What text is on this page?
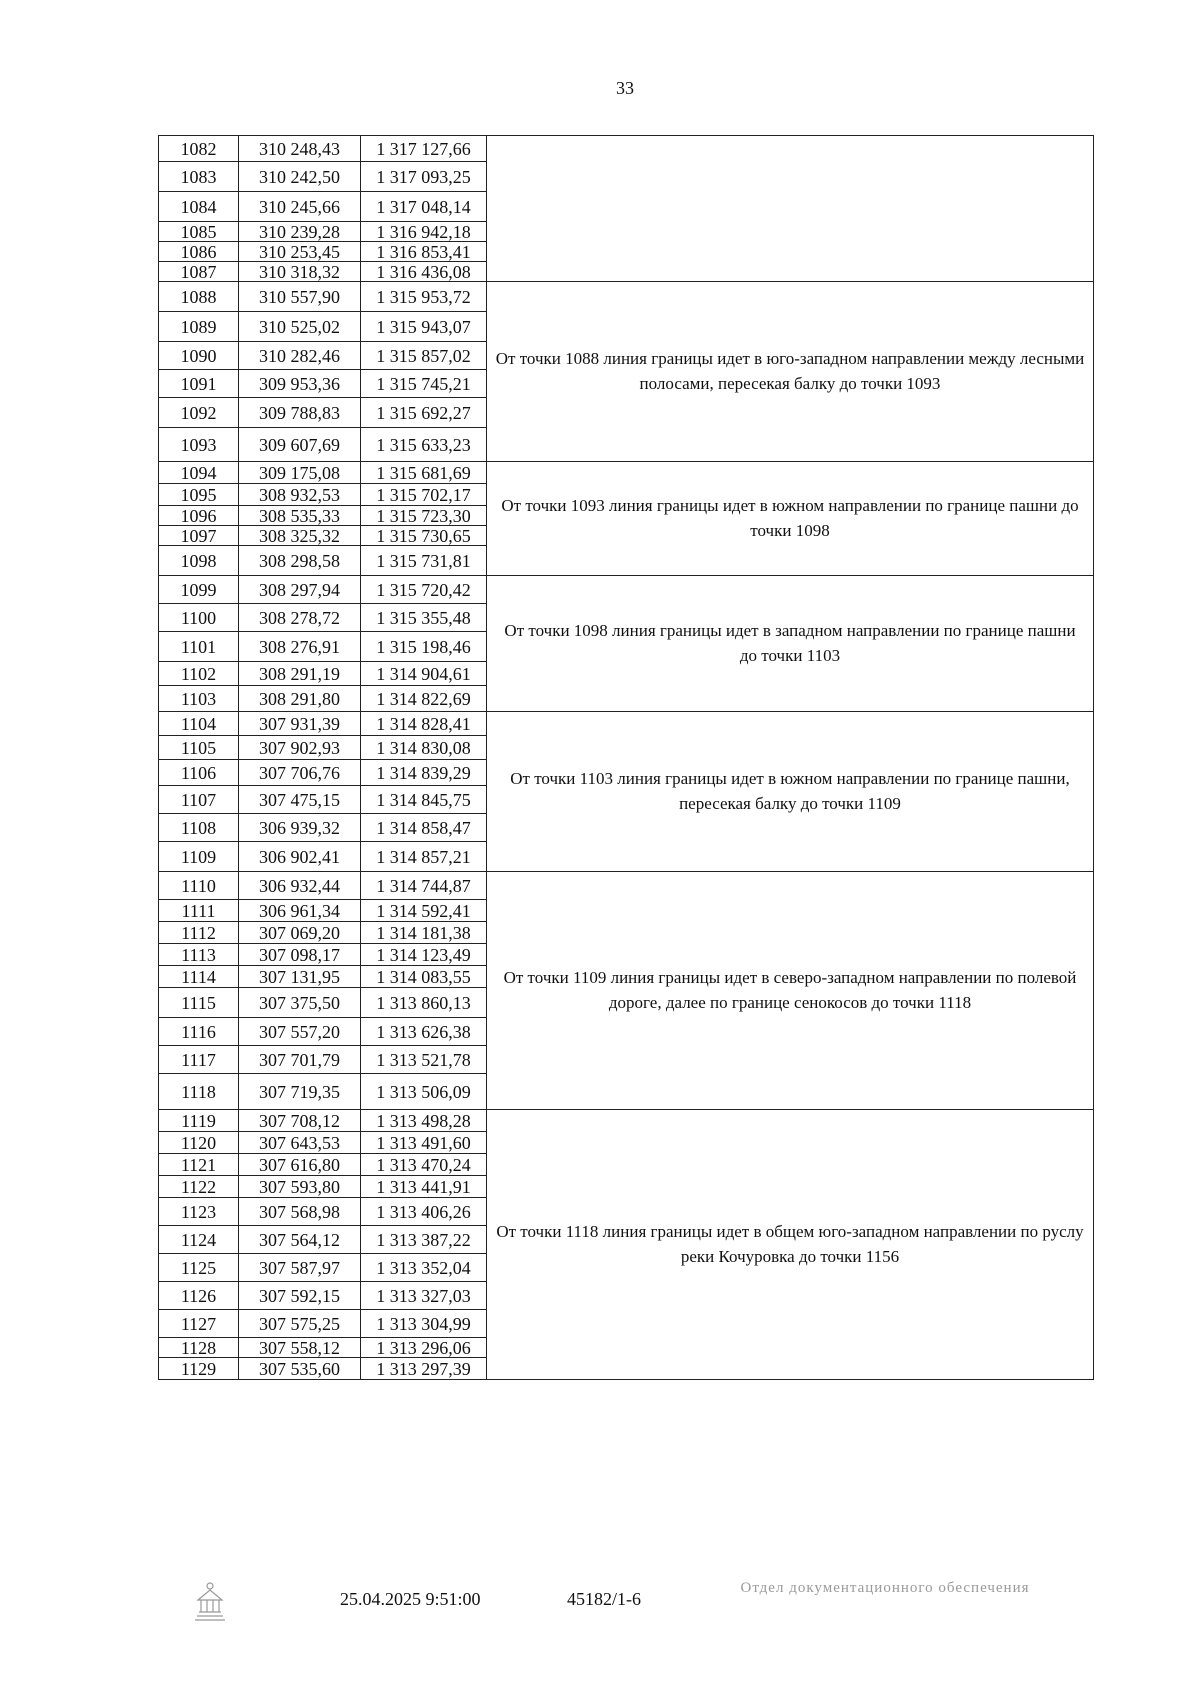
33
1082	310 248,43	1 317 127,66	
1083	310 242,50	1 317 093,25	
1084	310 245,66	1 317 048,14	
1085	310 239,28	1 316 942,18	
1086	310 253,45	1 316 853,41	
1087	310 318,32	1 316 436,08	
1088	310 557,90	1 315 953,72	От точки 1088 линия границы идет в юго-западном направлении между лесными полосами, пересекая балку до точки 1093
1089	310 525,02	1 315 943,07	
1090	310 282,46	1 315 857,02	
1091	309 953,36	1 315 745,21	
1092	309 788,83	1 315 692,27	
1093	309 607,69	1 315 633,23	
1094	309 175,08	1 315 681,69	От точки 1093 линия границы идет в южном направлении по границе пашни до точки 1098
1095	308 932,53	1 315 702,17	
1096	308 535,33	1 315 723,30	
1097	308 325,32	1 315 730,65	
1098	308 298,58	1 315 731,81	
1099	308 297,94	1 315 720,42	От точки 1098 линия границы идет в западном направлении по границе пашни до точки 1103
1100	308 278,72	1 315 355,48	
1101	308 276,91	1 315 198,46	
1102	308 291,19	1 314 904,61	
1103	308 291,80	1 314 822,69	
1104	307 931,39	1 314 828,41	От точки 1103 линия границы идет в южном направлении по границе пашни, пересекая балку до точки 1109
1105	307 902,93	1 314 830,08	
1106	307 706,76	1 314 839,29	
1107	307 475,15	1 314 845,75	
1108	306 939,32	1 314 858,47	
1109	306 902,41	1 314 857,21	
1110	306 932,44	1 314 744,87	От точки 1109 линия границы идет в северо-западном направлении по полевой дороге, далее по границе сенокосов до точки 1118
1111	306 961,34	1 314 592,41	
1112	307 069,20	1 314 181,38	
1113	307 098,17	1 314 123,49	
1114	307 131,95	1 314 083,55	
1115	307 375,50	1 313 860,13	
1116	307 557,20	1 313 626,38	
1117	307 701,79	1 313 521,78	
1118	307 719,35	1 313 506,09	
1119	307 708,12	1 313 498,28	От точки 1118 линия границы идет в общем юго-западном направлении по руслу реки Кочуровка до точки 1156
1120	307 643,53	1 313 491,60	
1121	307 616,80	1 313 470,24	
1122	307 593,80	1 313 441,91	
1123	307 568,98	1 313 406,26	
1124	307 564,12	1 313 387,22	
1125	307 587,97	1 313 352,04	
1126	307 592,15	1 313 327,03	
1127	307 575,25	1 313 304,99	
1128	307 558,12	1 313 296,06	
1129	307 535,60	1 313 297,39	
25.04.2025 9:51:00	45182/1-6
Отдел документационного обеспечения
